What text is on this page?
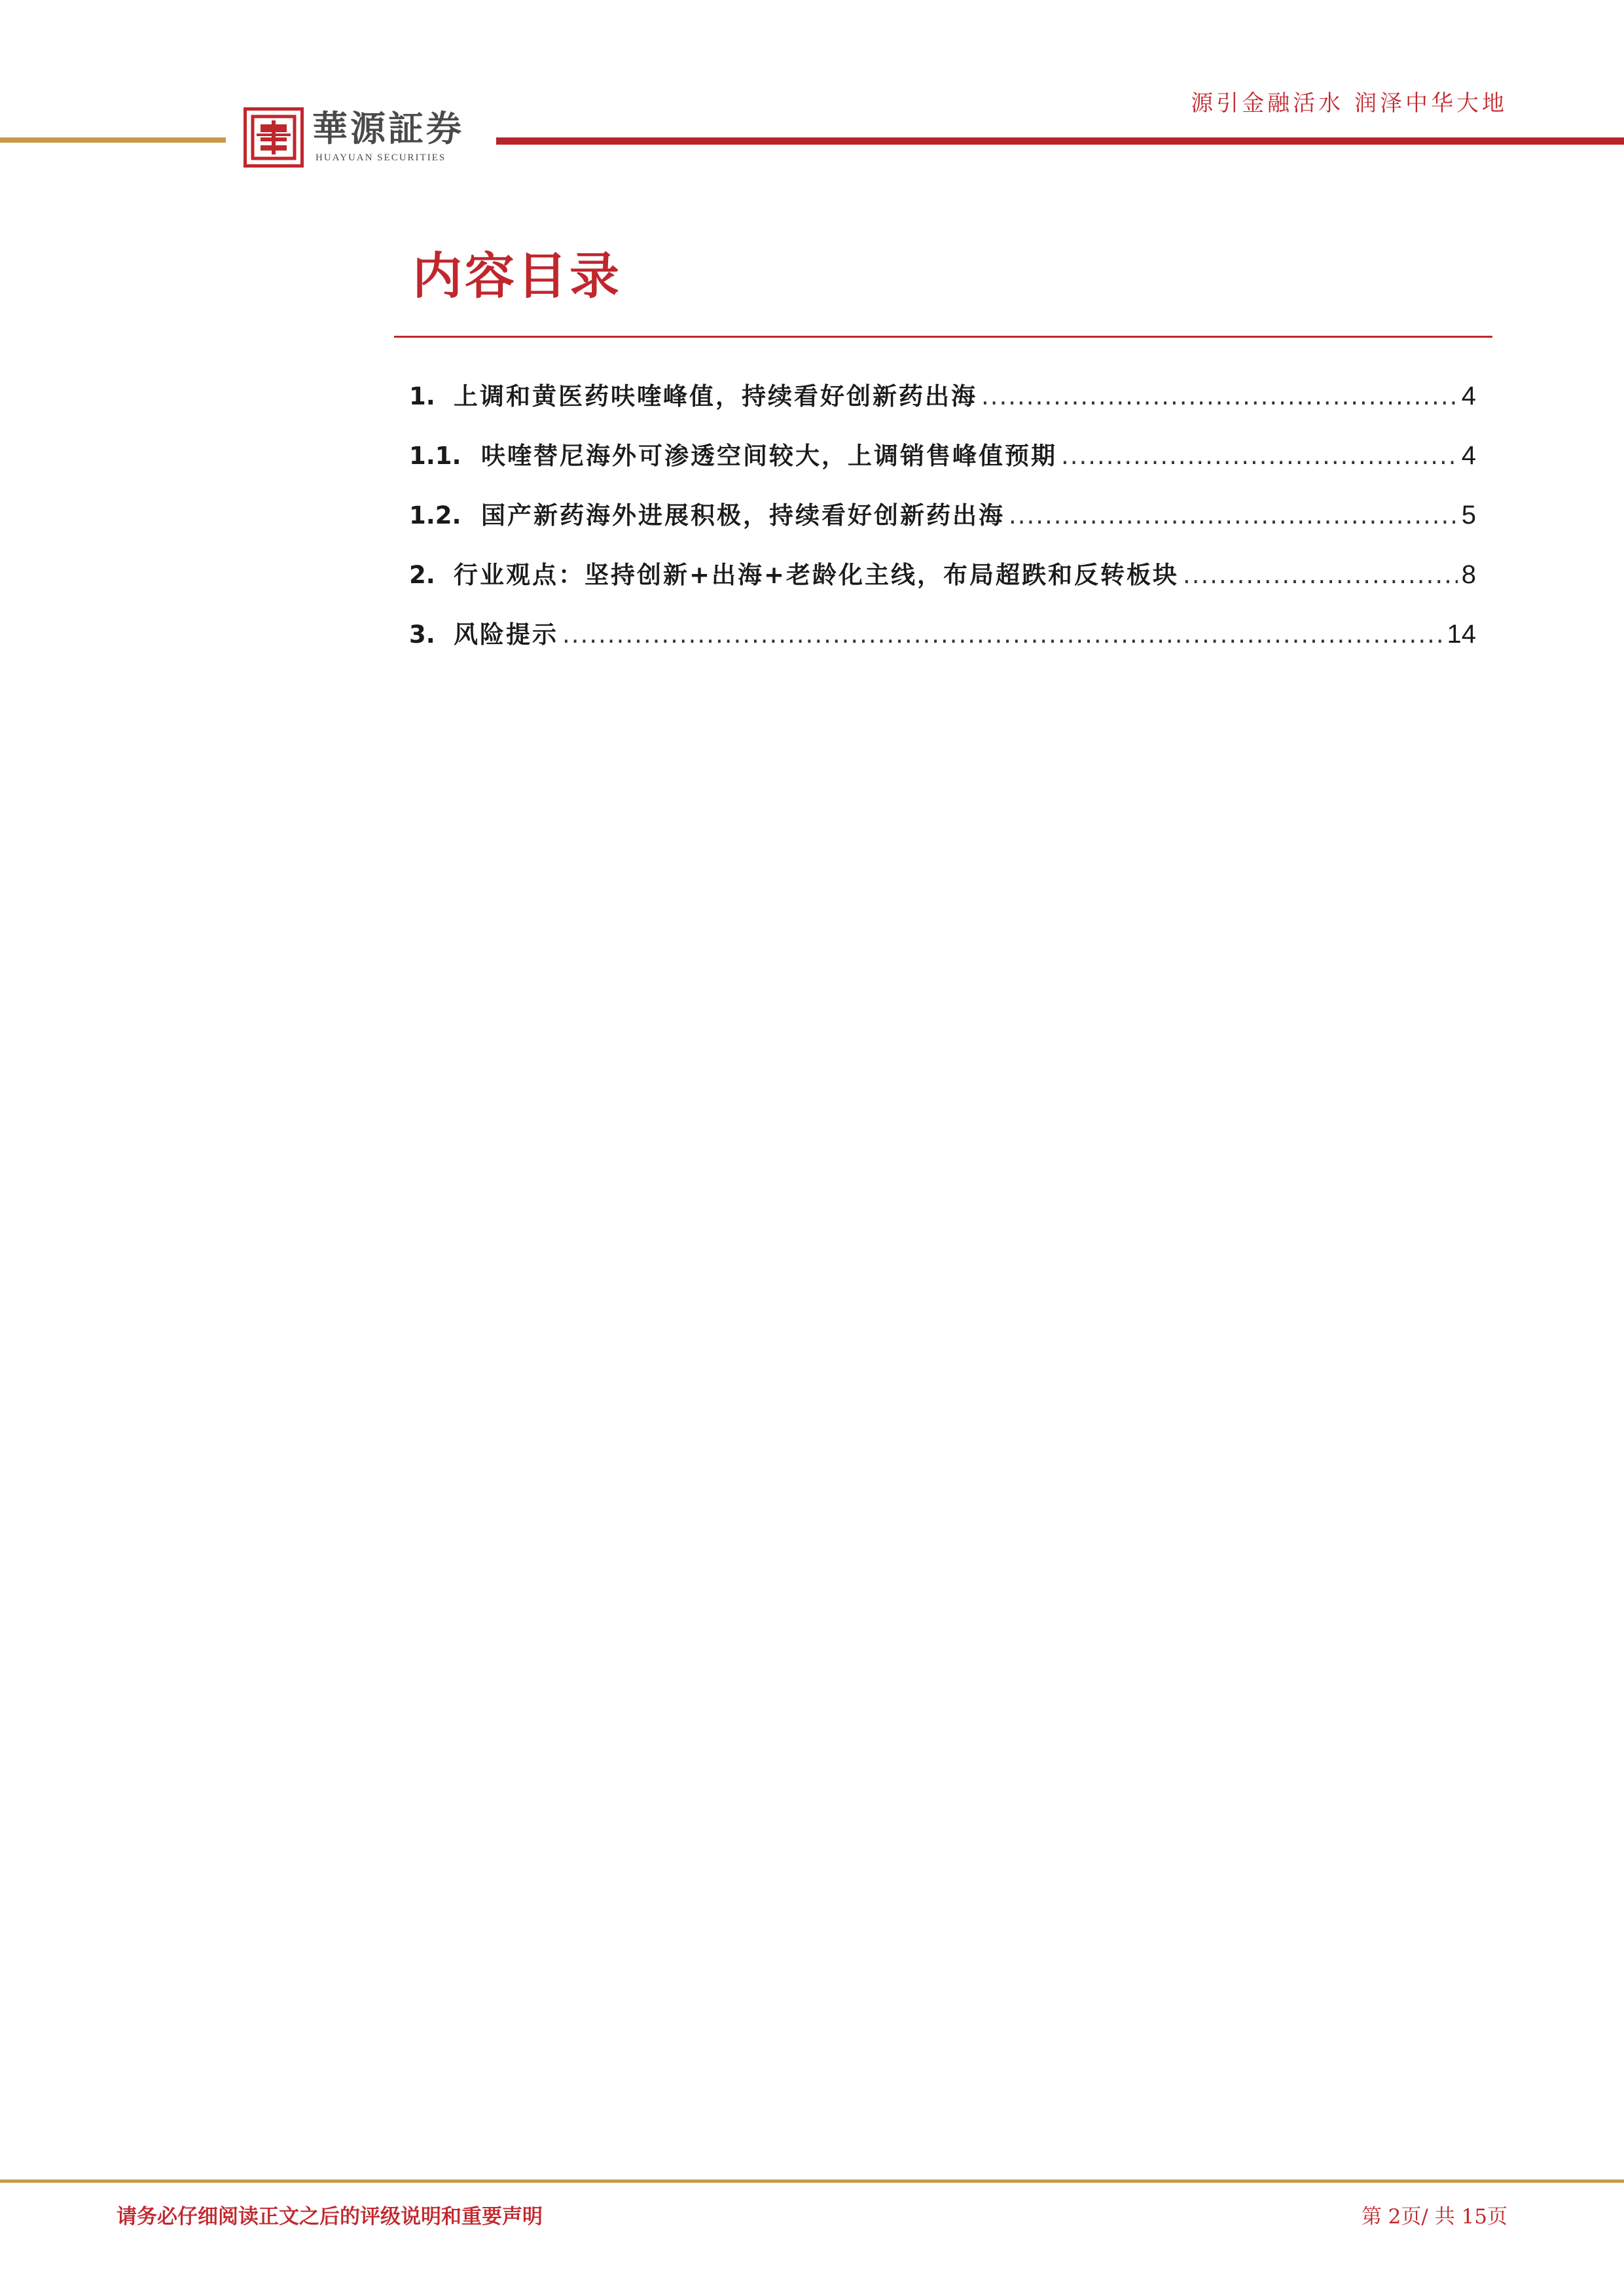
源引金融活水 润泽中华大地
華源証券
HUAYUAN SECURITIES
内容目录
1. 上调和黄医药呋喹峰值，持续看好创新药出海 .....	4
1.1. 呋喹替尼海外可渗透空间较大，上调销售峰值预期 .....	4
1.2. 国产新药海外进展积极，持续看好创新药出海 .....	5
2. 行业观点：坚持创新+出海+老龄化主线，布局超跌和反转板块 .....	8
3. 风险提示 .....	14
请务必仔细阅读正文之后的评级说明和重要声明	第 2页/ 共 15页
